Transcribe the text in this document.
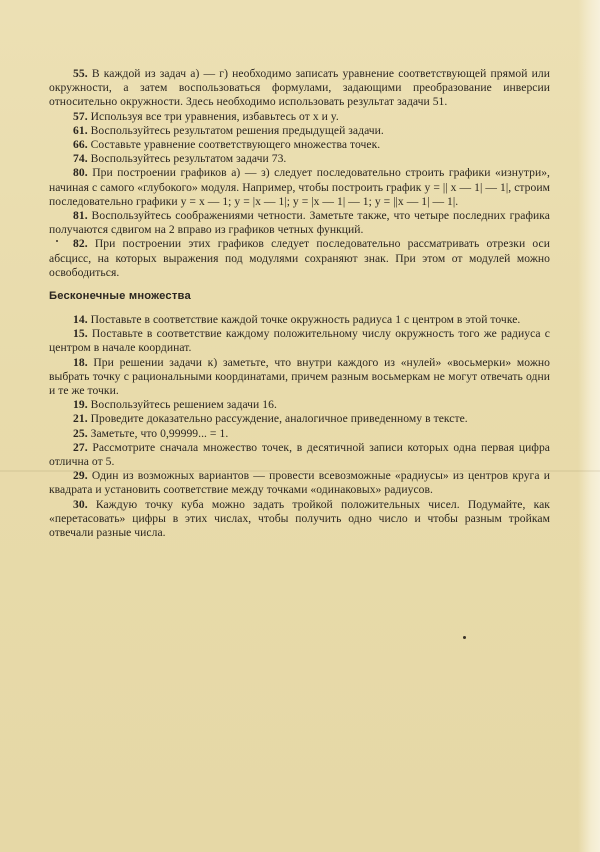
55. В каждой из задач а) — г) необходимо записать уравнение соответствующей прямой или окружности, а затем воспользоваться формулами, задающими преобразование инверсии относительно окружности. Здесь необходимо использовать результат задачи 51.

57. Используя все три уравнения, избавьтесь от x и y.

61. Воспользуйтесь результатом решения предыдущей задачи.

66. Составьте уравнение соответствующего множества точек.

74. Воспользуйтесь результатом задачи 73.

80. При построении графиков а) — з) следует последовательно строить графики «изнутри», начиная с самого «глубокого» модуля. Например, чтобы построить график y = || x — 1| — 1|, строим последовательно графики y = x — 1; y = |x — 1|; y = |x — 1| — 1; y = ||x — 1| — 1|.

81. Воспользуйтесь соображениями четности. Заметьте также, что четыре последних графика получаются сдвигом на 2 вправо из графиков четных функций.

82. При построении этих графиков следует последовательно рассматривать отрезки оси абсцисс, на которых выражения под модулями сохраняют знак. При этом от модулей можно освободиться.

Бесконечные множества

14. Поставьте в соответствие каждой точке окружность радиуса 1 с центром в этой точке.

15. Поставьте в соответствие каждому положительному числу окружность того же радиуса с центром в начале координат.

18. При решении задачи к) заметьте, что внутри каждого из «нулей» «восьмерки» можно выбрать точку с рациональными координатами, причем разным восьмеркам не могут отвечать одни и те же точки.

19. Воспользуйтесь решением задачи 16.

21. Проведите доказательно рассуждение, аналогичное приведенному в тексте.

25. Заметьте, что 0,99999... = 1.

27. Рассмотрите сначала множество точек, в десятичной записи которых одна первая цифра отлична от 5.

29. Один из возможных вариантов — провести всевозможные «радиусы» из центров круга и квадрата и установить соответствие между точками «одинаковых» радиусов.

30. Каждую точку куба можно задать тройкой положительных чисел. Подумайте, как «перетасовать» цифры в этих числах, чтобы получить одно число и чтобы разным тройкам отвечали разные числа.
